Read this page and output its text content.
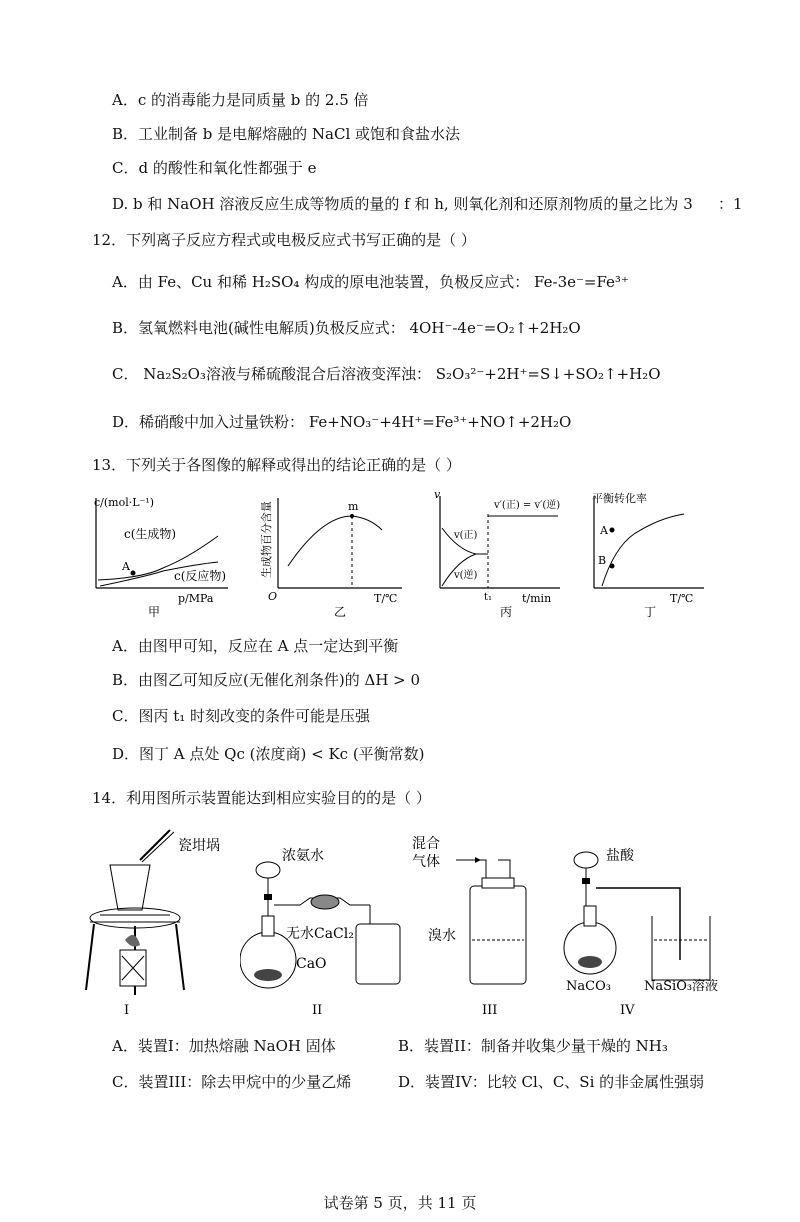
A．c 的消毒能力是同质量 b 的 2.5 倍
B．工业制备 b 是电解熔融的 NaCl 或饱和食盐水法
C．d 的酸性和氧化性都强于 e
D. b 和 NaOH 溶液反应生成等物质的量的 f 和 h, 则氧化剂和还原剂物质的量之比为 3 ：1
12．下列离子反应方程式或电极反应式书写正确的是（ ）
A．由 Fe、Cu 和稀 H₂SO₄ 构成的原电池装置，负极反应式： Fe-3e⁻=Fe³⁺
B．氢氧燃料电池(碱性电解质)负极反应式： 4OH⁻-4e⁻=O₂↑+2H₂O
C． Na₂S₂O₃溶液与稀硫酸混合后溶液变浑浊： S₂O₃²⁻+2H⁺=S↓+SO₂↑+H₂O
D．稀硝酸中加入过量铁粉： Fe+NO₃⁻+4H⁺=Fe³⁺+NO↑+2H₂O
13．下列关于各图像的解释或得出的结论正确的是（ ）
c/(mol·L⁻¹)
c(生成物)
c(反应物)
A
p/MPa
甲
m
O	T/℃
乙
生成物百分含量
v
v′(正) = v′(逆)
v(正)
v(逆)
t₁	t/min
丙
平衡转化率
A
B
T/℃
丁
A．由图甲可知，反应在 A 点一定达到平衡
B．由图乙可知反应(无催化剂条件)的 ΔH > 0
C．图丙 t₁ 时刻改变的条件可能是压强
D．图丁 A 点处 Qc (浓度商) < Kc (平衡常数)
14．利用图所示装置能达到相应实验目的的是（ ）
瓷坩埚
I
浓氨水
无水CaCl₂
CaO
II
混合
气体
溴水
III
盐酸
NaCO₃	NaSiO₃溶液
IV
A．装置I：加热熔融 NaOH 固体	B．装置II：制备并收集少量干燥的 NH₃
C．装置III：除去甲烷中的少量乙烯	D．装置IV：比较 Cl、C、Si 的非金属性强弱
试卷第 5 页，共 11 页
